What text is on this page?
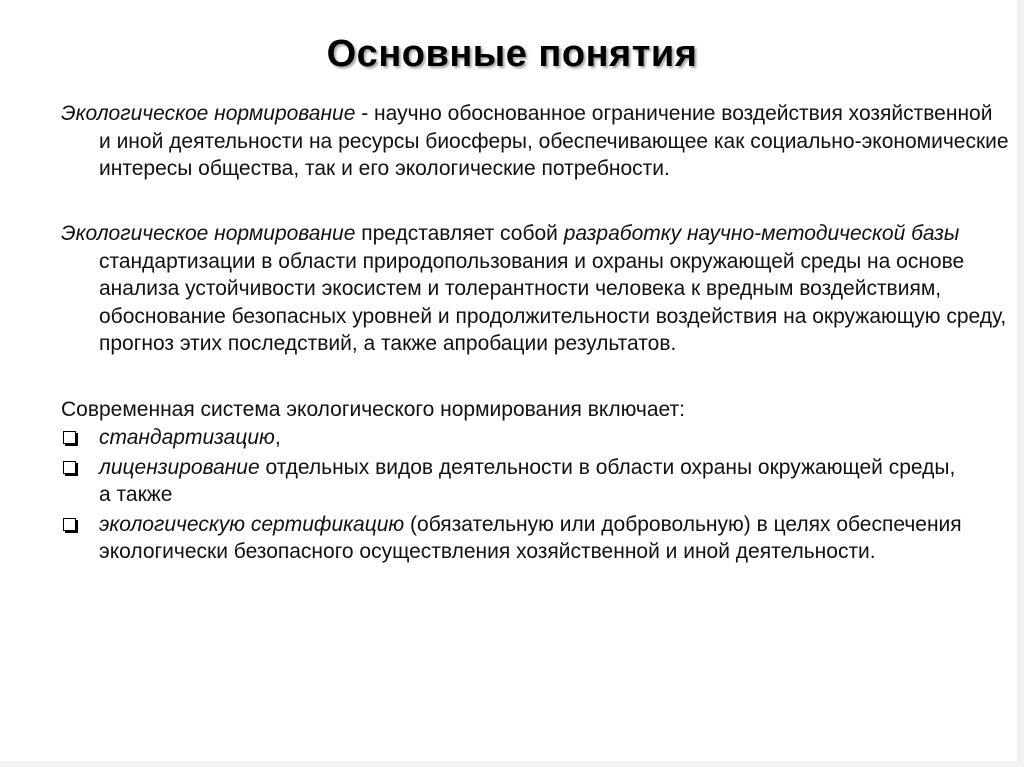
Основные понятия
Экологическое нормирование - научно обоснованное ограничение воздействия хозяйственной и иной деятельности на ресурсы биосферы, обеспечивающее как социально-экономические интересы общества, так и его экологические потребности.
Экологическое нормирование представляет собой разработку научно-методической базы стандартизации в области природопользования и охраны окружающей среды на основе анализа устойчивости экосистем и толерантности человека к вредным воздействиям, обоснование безопасных уровней и продолжительности воздействия на окружающую среду, прогноз этих последствий, а также апробации результатов.
Современная система экологического нормирования включает:
стандартизацию,
лицензирование отдельных видов деятельности в области охраны окружающей среды, а также
экологическую сертификацию (обязательную или добровольную) в целях обеспечения экологически безопасного осуществления хозяйственной и иной деятельности.
